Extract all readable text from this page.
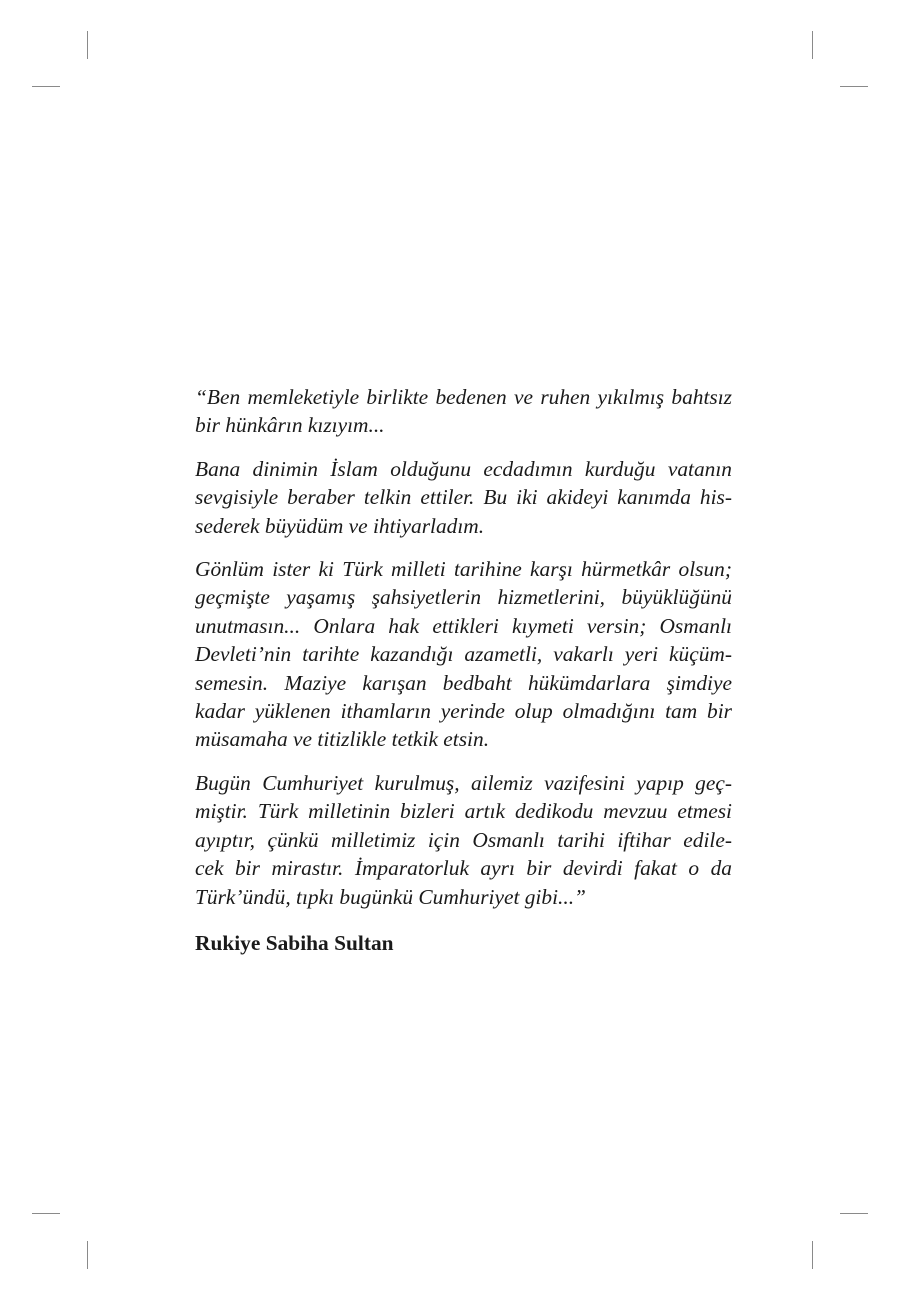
“Ben memleketiyle birlikte bedenen ve ruhen yıkılmış bahtsız
bir hünkârın kızıyım...

Bana dinimin İslam olduğunu ecdadımın kurduğu vatanın
sevgisiyle beraber telkin ettiler. Bu iki akideyi kanımda his-
sederek büyüdüm ve ihtiyarladım.

Gönlüm ister ki Türk milleti tarihine karşı hürmetkâr olsun;
geçmişte yaşamış şahsiyetlerin hizmetlerini, büyüklüğünü
unutmasın... Onlara hak ettikleri kıymeti versin; Osmanlı
Devleti’nin tarihte kazandığı azametli, vakarlı yeri küçüm-
semesin. Maziye karışan bedbaht hükümdarlara şimdiye
kadar yüklenen ithamların yerinde olup olmadığını tam bir
müsamaha ve titizlikle tetkik etsin.

Bugün Cumhuriyet kurulmuş, ailemiz vazifesini yapıp geç-
miştir. Türk milletinin bizleri artık dedikodu mevzuu etmesi
ayıptır, çünkü milletimiz için Osmanlı tarihi iftihar edile-
cek bir mirastır. İmparatorluk ayrı bir devirdi fakat o da
Türk’ündü, tıpkı bugünkü Cumhuriyet gibi...”

Rukiye Sabiha Sultan
